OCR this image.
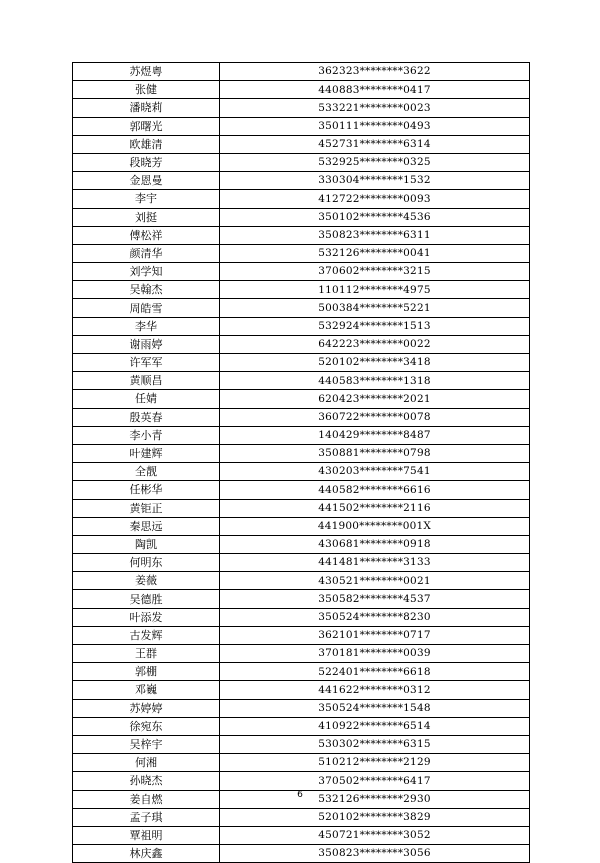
苏煜粤	362323********3622
张健	440883********0417
潘晓莉	533221********0023
郭曙光	350111********0493
欧雄清	452731********6314
段晓芳	532925********0325
金恩曼	330304********1532
李宇	412722********0093
刘挺	350102********4536
傅松祥	350823********6311
颜清华	532126********0041
刘学知	370602********3215
吴翰杰	110112********4975
周皓雪	500384********5221
李华	532924********1513
谢雨婷	642223********0022
许军军	520102********3418
黄顺昌	440583********1318
任婧	620423********2021
殷英春	360722********0078
李小青	140429********8487
叶建辉	350881********0798
全靓	430203********7541
任彬华	440582********6616
黄钜正	441502********2116
秦思远	441900********001X
陶凯	430681********0918
何明东	441481********3133
姜薇	430521********0021
吴德胜	350582********4537
叶添发	350524********8230
古发辉	362101********0717
王群	370181********0039
郭棚	522401********6618
邓巍	441622********0312
苏婷婷	350524********1548
徐宛东	410922********6514
吴梓宇	530302********6315
何湘	510212********2129
孙晓杰	370502********6417
姜自燃	532126********2930
孟子琪	520102********3829
覃祖明	450721********3052
林庆鑫	350823********3056
6
